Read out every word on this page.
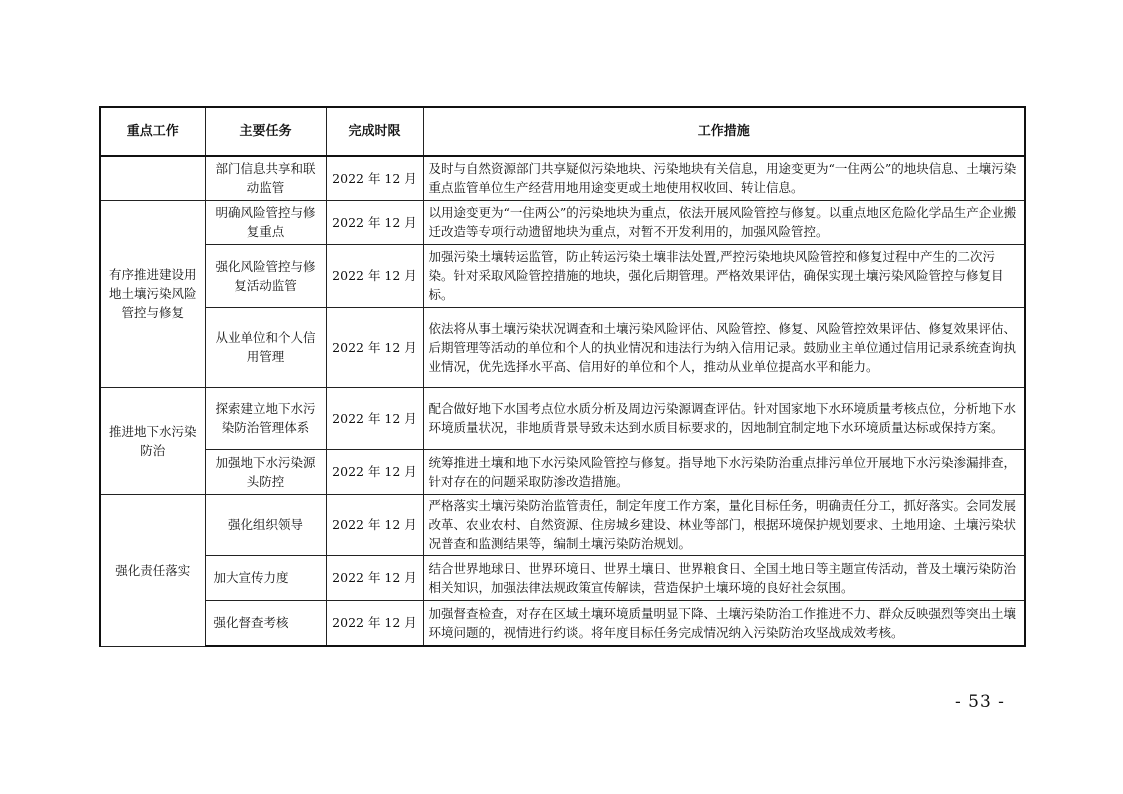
重点工作	主要任务	完成时限	工作措施
	部门信息共享和联动监管	2022 年 12 月	及时与自然资源部门共享疑似污染地块、污染地块有关信息，用途变更为“一住两公”的地块信息、土壤污染重点监管单位生产经营用地用途变更或土地使用权收回、转让信息。
有序推进建设用地土壤污染风险管控与修复	明确风险管控与修复重点	2022 年 12 月	以用途变更为“一住两公”的污染地块为重点，依法开展风险管控与修复。以重点地区危险化学品生产企业搬迁改造等专项行动遗留地块为重点，对暂不开发利用的，加强风险管控。
	强化风险管控与修复活动监管	2022 年 12 月	加强污染土壤转运监管，防止转运污染土壤非法处置,严控污染地块风险管控和修复过程中产生的二次污染。针对采取风险管控措施的地块，强化后期管理。严格效果评估，确保实现土壤污染风险管控与修复目标。
	从业单位和个人信用管理	2022 年 12 月	依法将从事土壤污染状况调查和土壤污染风险评估、风险管控、修复、风险管控效果评估、修复效果评估、后期管理等活动的单位和个人的执业情况和违法行为纳入信用记录。鼓励业主单位通过信用记录系统查询执业情况，优先选择水平高、信用好的单位和个人，推动从业单位提高水平和能力。
推进地下水污染防治	探索建立地下水污染防治管理体系	2022 年 12 月	配合做好地下水国考点位水质分析及周边污染源调查评估。针对国家地下水环境质量考核点位，分析地下水环境质量状况，非地质背景导致未达到水质目标要求的，因地制宜制定地下水环境质量达标或保持方案。
	加强地下水污染源头防控	2022 年 12 月	统筹推进土壤和地下水污染风险管控与修复。指导地下水污染防治重点排污单位开展地下水污染渗漏排查，针对存在的问题采取防渗改造措施。
强化责任落实	强化组织领导	2022 年 12 月	严格落实土壤污染防治监管责任，制定年度工作方案，量化目标任务，明确责任分工，抓好落实。会同发展改革、农业农村、自然资源、住房城乡建设、林业等部门，根据环境保护规划要求、土地用途、土壤污染状况普查和监测结果等，编制土壤污染防治规划。
	加大宣传力度	2022 年 12 月	结合世界地球日、世界环境日、世界土壤日、世界粮食日、全国土地日等主题宣传活动，普及土壤污染防治相关知识，加强法律法规政策宣传解读，营造保护土壤环境的良好社会氛围。
	强化督查考核	2022 年 12 月	加强督查检查，对存在区域土壤环境质量明显下降、土壤污染防治工作推进不力、群众反映强烈等突出土壤环境问题的，视情进行约谈。将年度目标任务完成情况纳入污染防治攻坚战成效考核。
- 53 -
